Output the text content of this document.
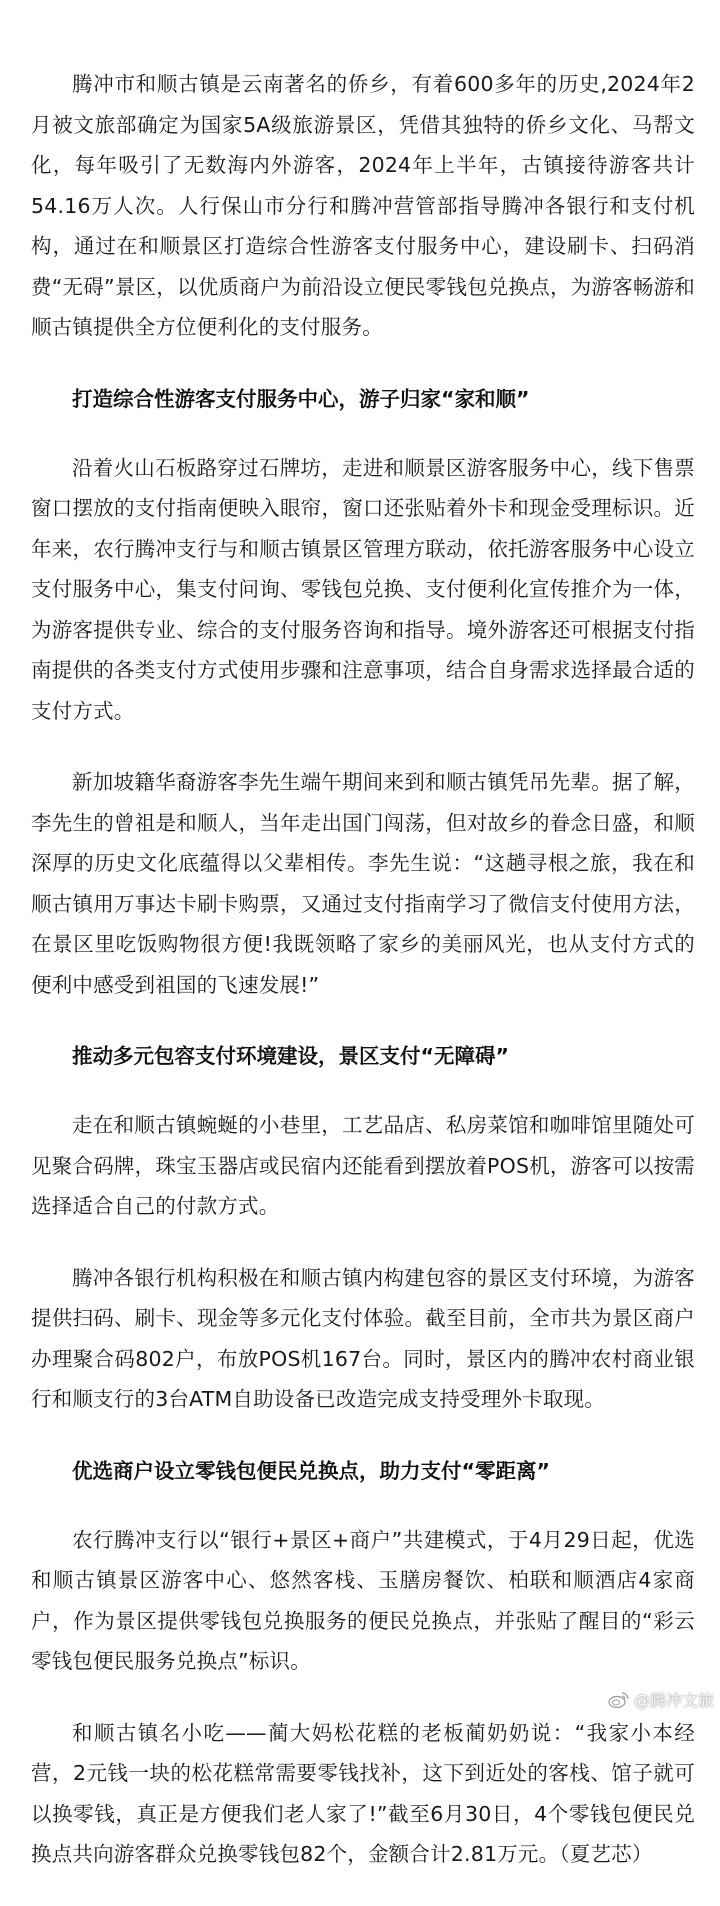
腾冲市和顺古镇是云南著名的侨乡，有着600多年的历史,2024年2月被文旅部确定为国家5A级旅游景区，凭借其独特的侨乡文化、马帮文化，每年吸引了无数海内外游客，2024年上半年，古镇接待游客共计54.16万人次。人行保山市分行和腾冲营管部指导腾冲各银行和支付机构，通过在和顺景区打造综合性游客支付服务中心，建设刷卡、扫码消费“无碍”景区，以优质商户为前沿设立便民零钱包兑换点，为游客畅游和顺古镇提供全方位便利化的支付服务。

打造综合性游客支付服务中心，游子归家“家和顺”

沿着火山石板路穿过石牌坊，走进和顺景区游客服务中心，线下售票窗口摆放的支付指南便映入眼帘，窗口还张贴着外卡和现金受理标识。近年来，农行腾冲支行与和顺古镇景区管理方联动，依托游客服务中心设立支付服务中心，集支付问询、零钱包兑换、支付便利化宣传推介为一体，为游客提供专业、综合的支付服务咨询和指导。境外游客还可根据支付指南提供的各类支付方式使用步骤和注意事项，结合自身需求选择最合适的支付方式。

新加坡籍华裔游客李先生端午期间来到和顺古镇凭吊先辈。据了解，李先生的曾祖是和顺人，当年走出国门闯荡，但对故乡的眷念日盛，和顺深厚的历史文化底蕴得以父辈相传。李先生说：“这趟寻根之旅，我在和顺古镇用万事达卡刷卡购票，又通过支付指南学习了微信支付使用方法，在景区里吃饭购物很方便!我既领略了家乡的美丽风光，也从支付方式的便利中感受到祖国的飞速发展!”

推动多元包容支付环境建设，景区支付“无障碍”

走在和顺古镇蜿蜒的小巷里，工艺品店、私房菜馆和咖啡馆里随处可见聚合码牌，珠宝玉器店或民宿内还能看到摆放着POS机，游客可以按需选择适合自己的付款方式。

腾冲各银行机构积极在和顺古镇内构建包容的景区支付环境，为游客提供扫码、刷卡、现金等多元化支付体验。截至目前，全市共为景区商户办理聚合码802户，布放POS机167台。同时，景区内的腾冲农村商业银行和顺支行的3台ATM自助设备已改造完成支持受理外卡取现。

优选商户设立零钱包便民兑换点，助力支付“零距离”

农行腾冲支行以“银行+景区+商户”共建模式，于4月29日起，优选和顺古镇景区游客中心、悠然客栈、玉膳房餐饮、柏联和顺酒店4家商户，作为景区提供零钱包兑换服务的便民兑换点，并张贴了醒目的“彩云零钱包便民服务兑换点”标识。

和顺古镇名小吃——蔺大妈松花糕的老板蔺奶奶说：“我家小本经营，2元钱一块的松花糕常需要零钱找补，这下到近处的客栈、馆子就可以换零钱，真正是方便我们老人家了!”截至6月30日，4个零钱包便民兑换点共向游客群众兑换零钱包82个，金额合计2.81万元。（夏艺芯）

@腾冲文旅
